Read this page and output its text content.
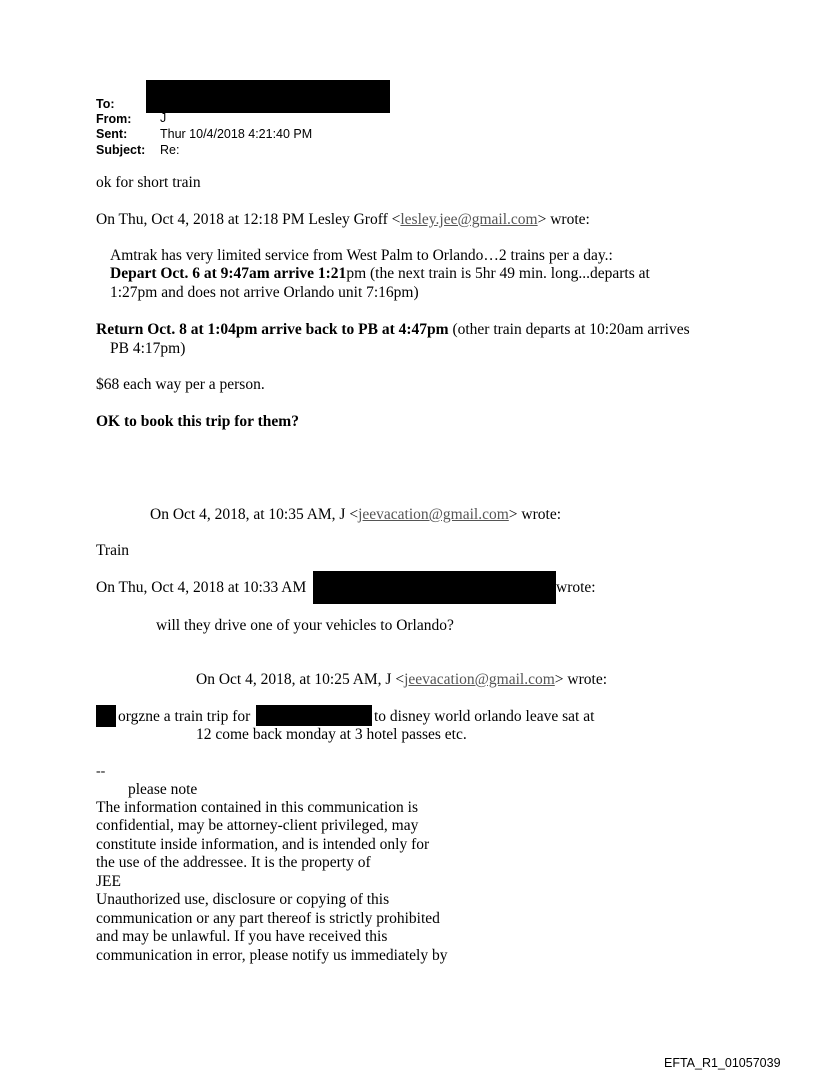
To:
From: J
Sent:	Thur 10/4/2018 4:21:40 PM
Subject: Re:
ok for short train
On Thu, Oct 4, 2018 at 12:18 PM Lesley Groff <lesley.jee@gmail.com> wrote:
Amtrak has very limited service from West Palm to Orlando…2 trains per a day.:
Depart Oct. 6 at 9:47am arrive 1:21pm (the next train is 5hr 49 min. long...departs at
1:27pm and does not arrive Orlando unit 7:16pm)
Return Oct. 8 at 1:04pm arrive back to PB at 4:47pm (other train departs at 10:20am arrives
PB 4:17pm)
$68 each way per a person.
OK to book this trip for them?
On Oct 4, 2018, at 10:35 AM, J <jeevacation@gmail.com> wrote:
Train
On Thu, Oct 4, 2018 at 10:33 AM	wrote:
will they drive one of your vehicles to Orlando?
On Oct 4, 2018, at 10:25 AM, J <jeevacation@gmail.com> wrote:
orgzne a train trip for	to disney world orlando leave sat at
12 come back monday at 3 hotel passes etc.
--
please note
The information contained in this communication is
confidential, may be attorney-client privileged, may
constitute inside information, and is intended only for
the use of the addressee. It is the property of
JEE
Unauthorized use, disclosure or copying of this
communication or any part thereof is strictly prohibited
and may be unlawful. If you have received this
communication in error, please notify us immediately by
EFTA_R1_01057039
